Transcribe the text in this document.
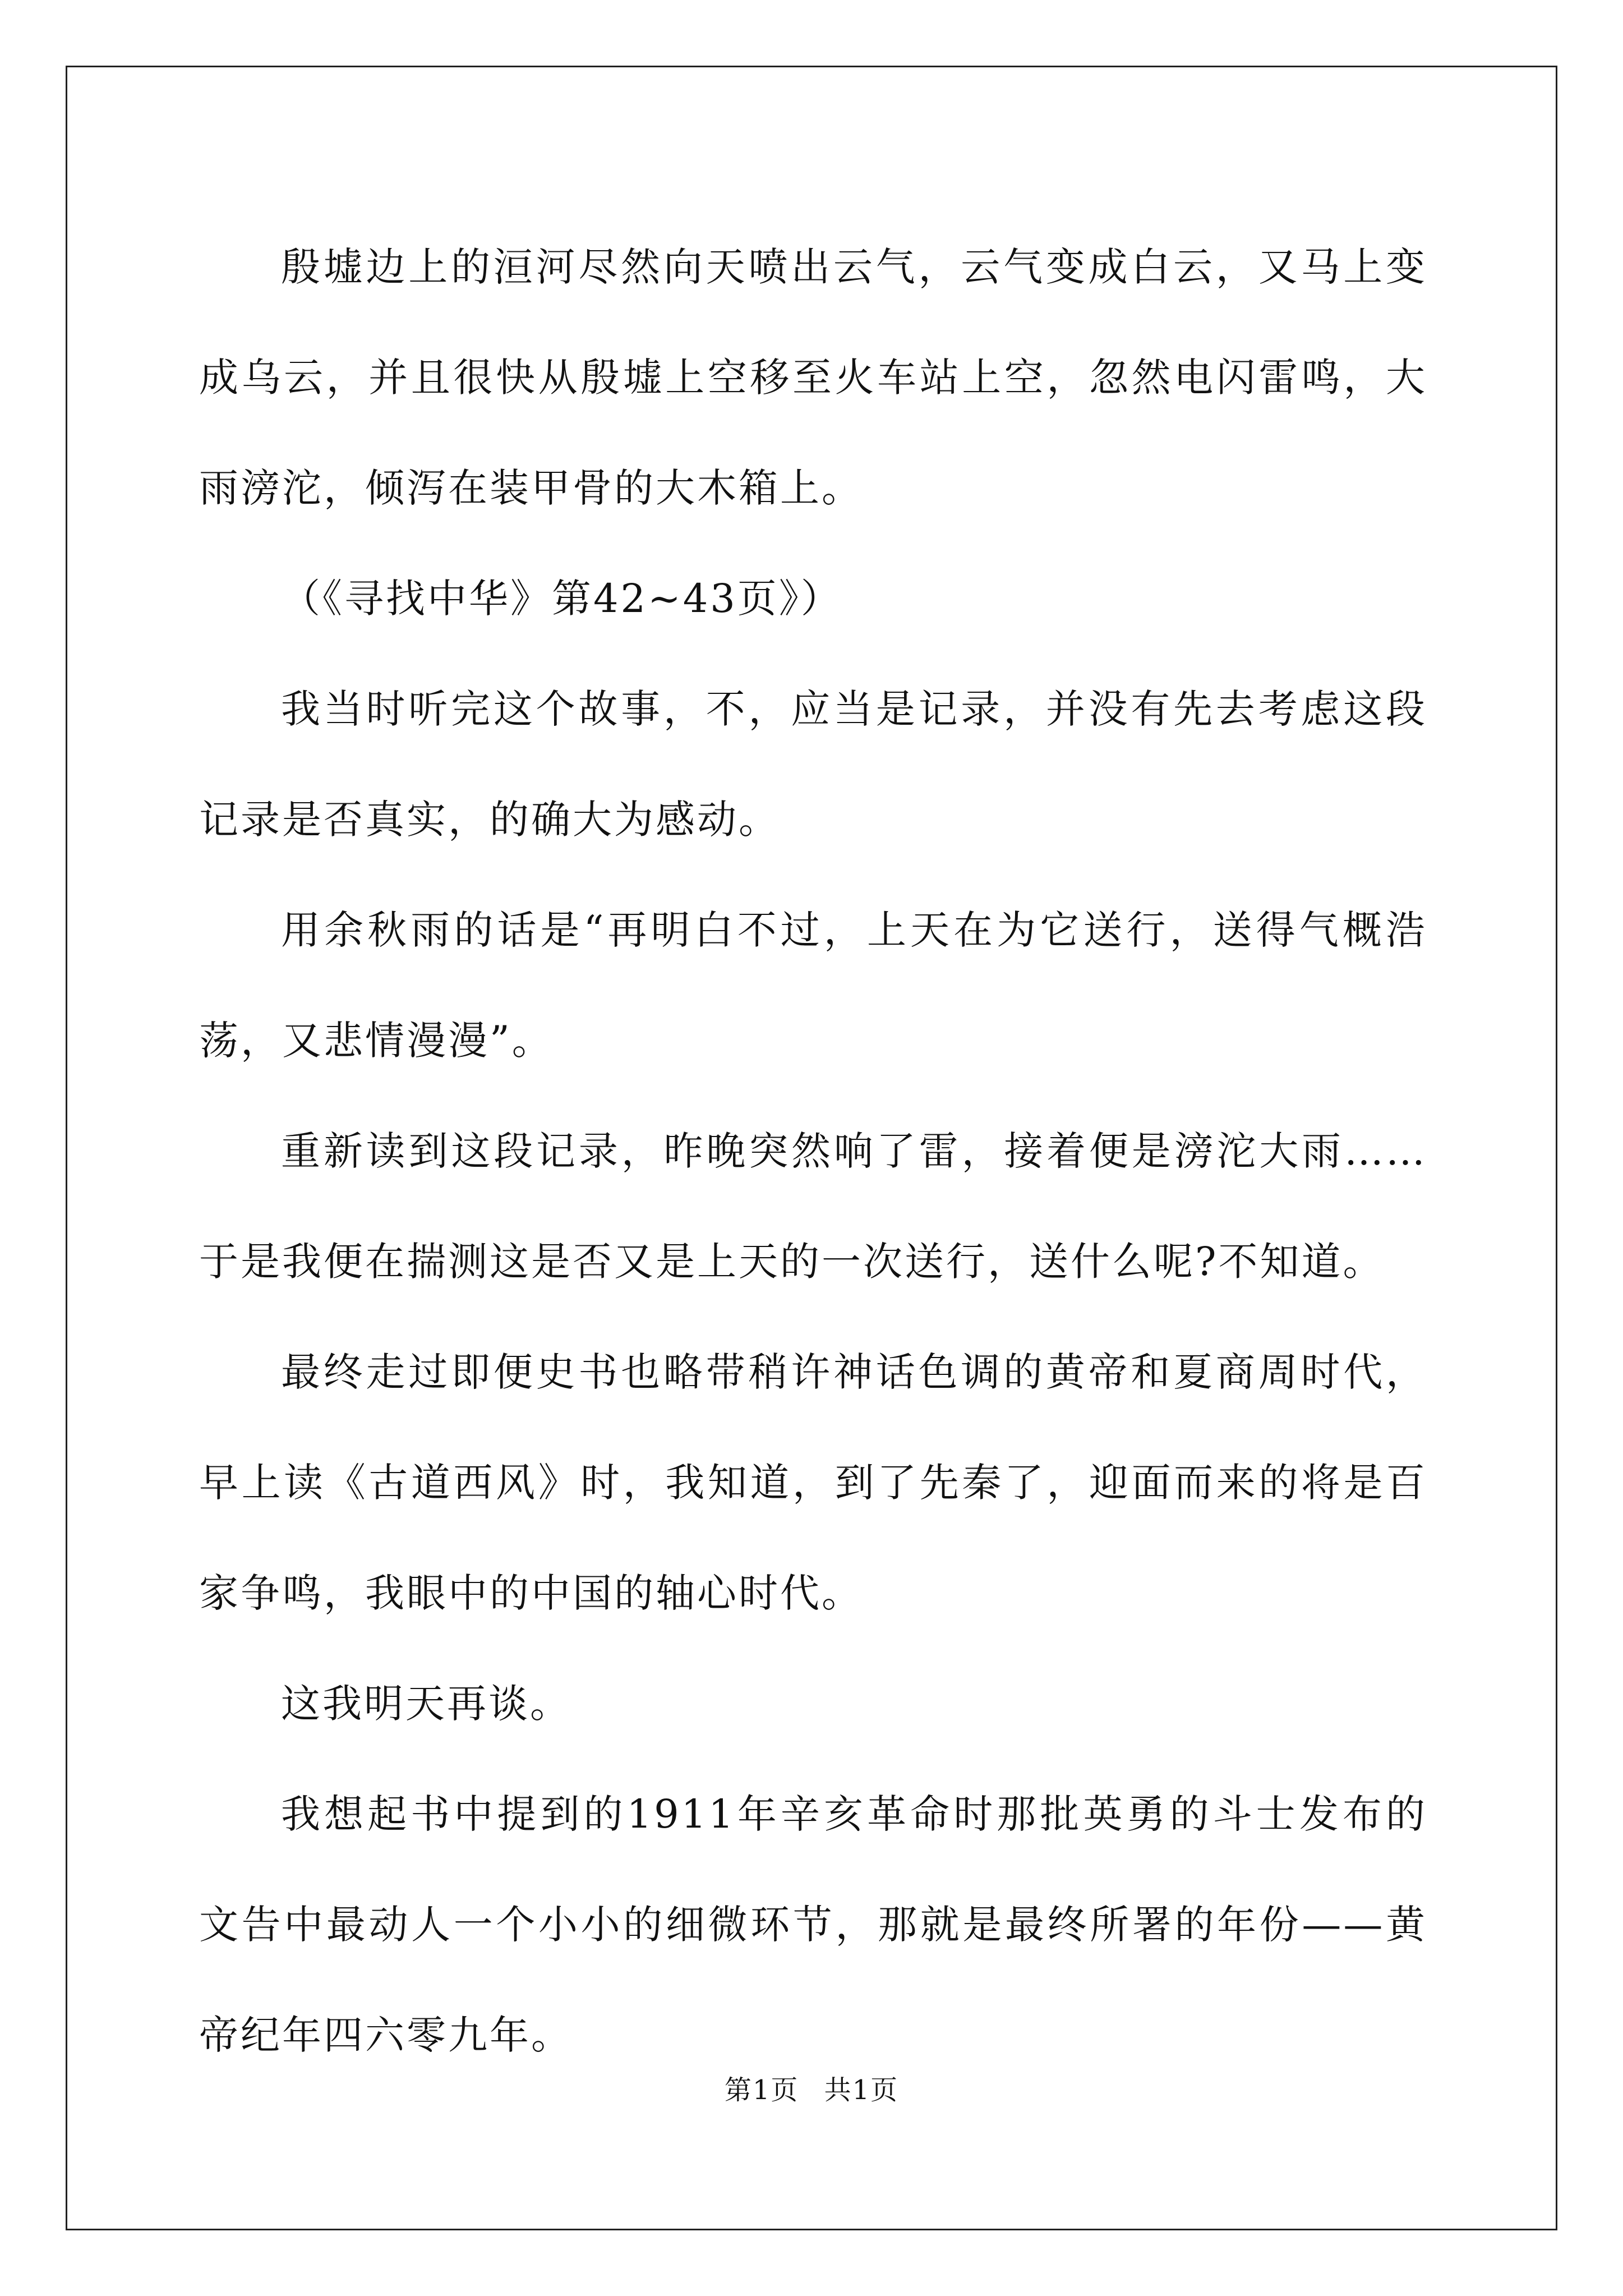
殷墟边上的洹河尽然向天喷出云气，云气变成白云，又马上变成乌云，并且很快从殷墟上空移至火车站上空，忽然电闪雷鸣，大雨滂沱，倾泻在装甲骨的大木箱上。

（《寻找中华》第42~43页》）

我当时听完这个故事，不，应当是记录，并没有先去考虑这段记录是否真实，的确大为感动。

用余秋雨的话是“再明白不过，上天在为它送行，送得气概浩荡，又悲情漫漫”。

重新读到这段记录，昨晚突然响了雷，接着便是滂沱大雨……于是我便在揣测这是否又是上天的一次送行，送什么呢?不知道。

最终走过即便史书也略带稍许神话色调的黄帝和夏商周时代，早上读《古道西风》时，我知道，到了先秦了，迎面而来的将是百家争鸣，我眼中的中国的轴心时代。

这我明天再谈。

我想起书中提到的1911年辛亥革命时那批英勇的斗士发布的文告中最动人一个小小的细微环节，那就是最终所署的年份——黄帝纪年四六零九年。

第1页 共1页
